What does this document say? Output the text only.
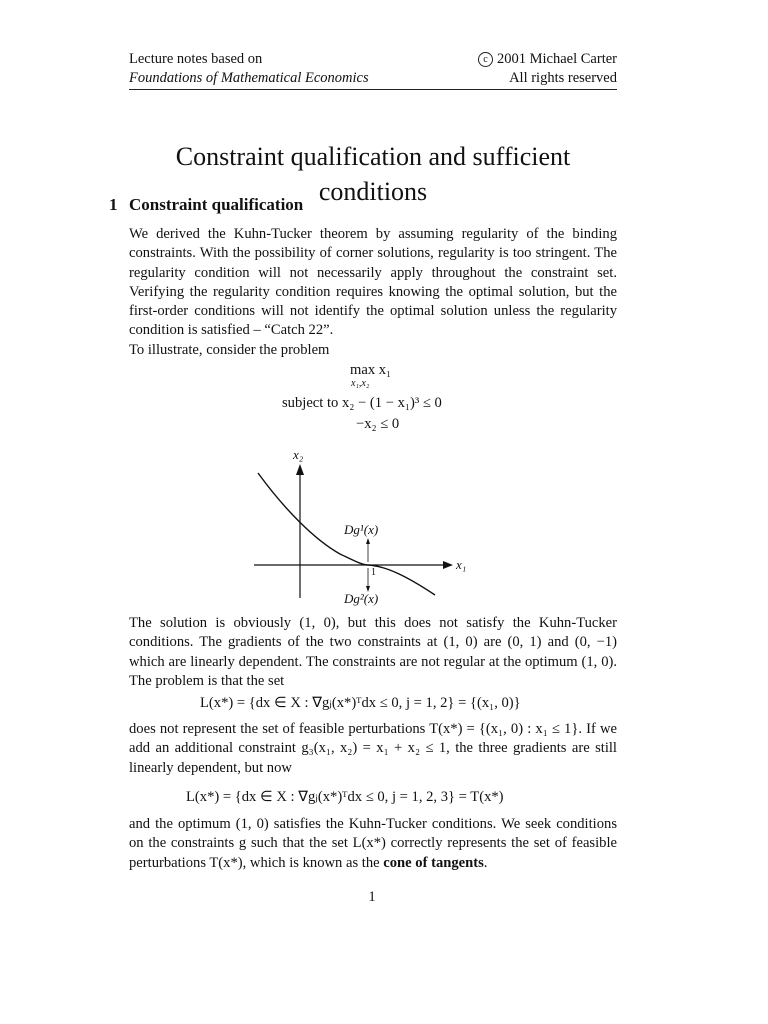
Lecture notes based on
Foundations of Mathematical Economics
c 2001 Michael Carter
All rights reserved
Constraint qualification and sufficient conditions
1 Constraint qualification

We derived the Kuhn-Tucker theorem by assuming regularity of the binding constraints. With the possibility of corner solutions, regularity is too stringent. The regularity condition will not necessarily apply throughout the constraint set. Verifying the regularity condition requires knowing the optimal solution, but the first-order conditions will not identify the optimal solution unless the regularity condition is satisfied – “Catch 22”.

To illustrate, consider the problem

max x₁
x₁,x₂
subject to x₂ − (1 − x₁)³ ≤ 0
−x₂ ≤ 0
x₂
x₁
1
Dg¹(x)
Dg²(x)
The solution is obviously (1, 0), but this does not satisfy the Kuhn-Tucker conditions. The gradients of the two constraints at (1, 0) are (0, 1) and (0, −1) which are linearly dependent. The constraints are not regular at the optimum (1, 0). The problem is that the set
L(x*) = {dx ∈ X : ∇gⱼ(x*)ᵀdx ≤ 0, j = 1, 2} = {(x₁, 0)}
does not represent the set of feasible perturbations T(x*) = {(x₁, 0) : x₁ ≤ 1}. If we add an additional constraint g₃(x₁, x₂) = x₁ + x₂ ≤ 1, the three gradients are still linearly dependent, but now
L(x*) = {dx ∈ X : ∇gⱼ(x*)ᵀdx ≤ 0, j = 1, 2, 3} = T(x*)
and the optimum (1, 0) satisfies the Kuhn-Tucker conditions. We seek conditions on the constraints g such that the set L(x*) correctly represents the set of feasible perturbations T(x*), which is known as the cone of tangents.
1
